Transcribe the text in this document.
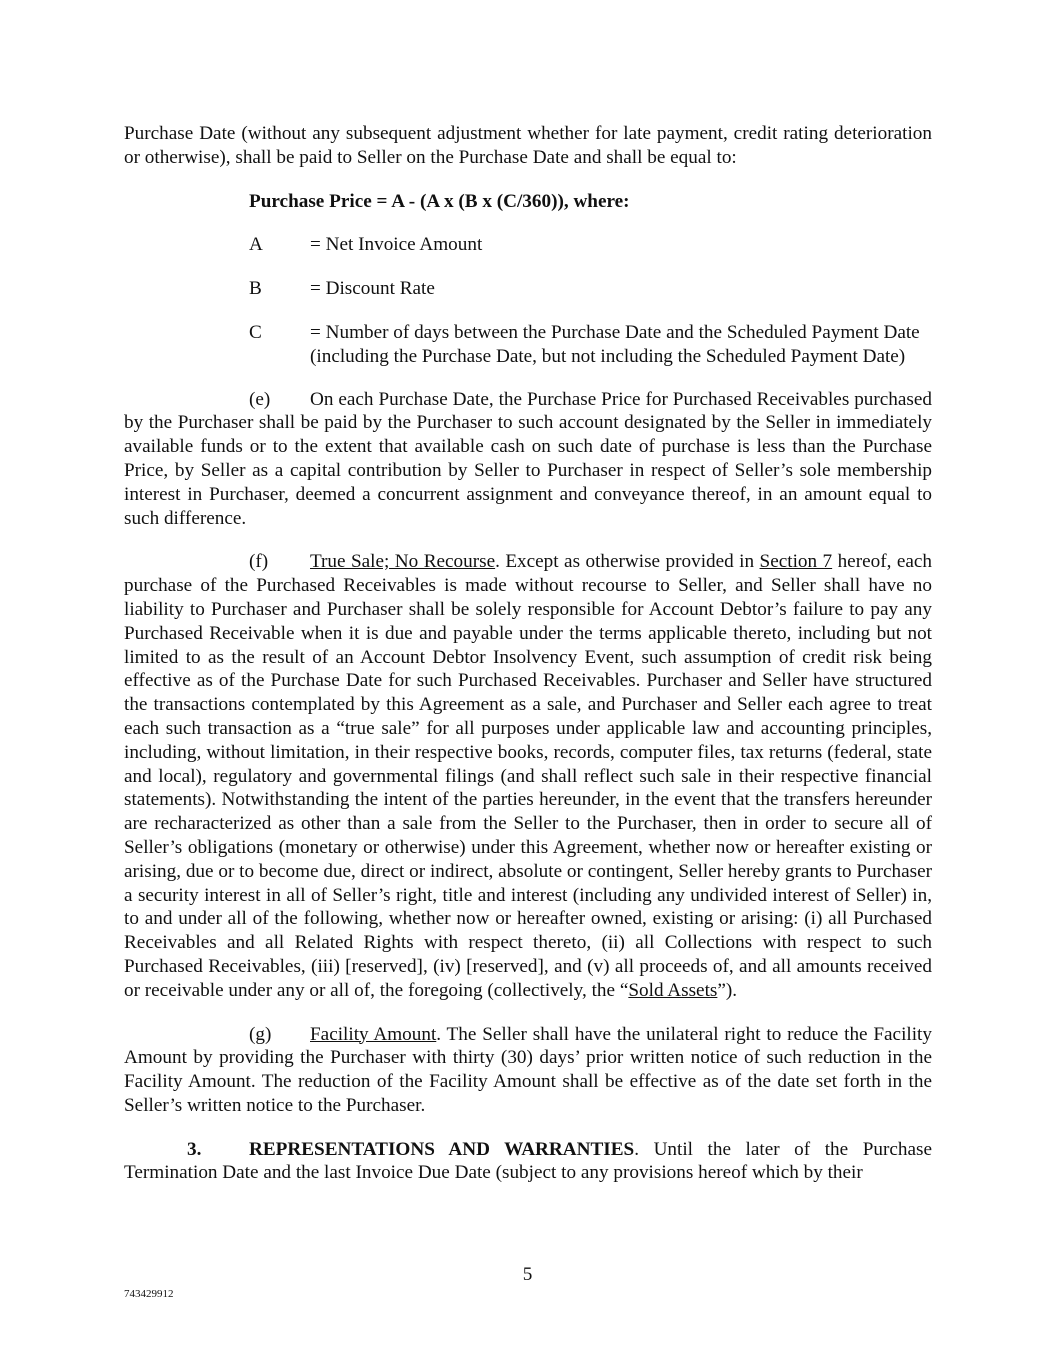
Purchase Date (without any subsequent adjustment whether for late payment, credit rating deterioration or otherwise), shall be paid to Seller on the Purchase Date and shall be equal to:

Purchase Price = A - (A x (B x (C/360)), where:
A = Net Invoice Amount
B	= Discount Rate
C	= Number of days between the Purchase Date and the Scheduled Payment Date (including the Purchase Date, but not including the Scheduled Payment Date)

(e) On each Purchase Date, the Purchase Price for Purchased Receivables purchased by the Purchaser shall be paid by the Purchaser to such account designated by the Seller in immediately available funds or to the extent that available cash on such date of purchase is less than the Purchase Price, by Seller as a capital contribution by Seller to Purchaser in respect of Seller’s sole membership interest in Purchaser, deemed a concurrent assignment and conveyance thereof, in an amount equal to such difference.

(f) True Sale; No Recourse. Except as otherwise provided in Section 7 hereof, each purchase of the Purchased Receivables is made without recourse to Seller, and Seller shall have no liability to Purchaser and Purchaser shall be solely responsible for Account Debtor’s failure to pay any Purchased Receivable when it is due and payable under the terms applicable thereto, including but not limited to as the result of an Account Debtor Insolvency Event, such assumption of credit risk being effective as of the Purchase Date for such Purchased Receivables. Purchaser and Seller have structured the transactions contemplated by this Agreement as a sale, and Purchaser and Seller each agree to treat each such transaction as a “true sale” for all purposes under applicable law and accounting principles, including, without limitation, in their respective books, records, computer files, tax returns (federal, state and local), regulatory and governmental filings (and shall reflect such sale in their respective financial statements). Notwithstanding the intent of the parties hereunder, in the event that the transfers hereunder are recharacterized as other than a sale from the Seller to the Purchaser, then in order to secure all of Seller’s obligations (monetary or otherwise) under this Agreement, whether now or hereafter existing or arising, due or to become due, direct or indirect, absolute or contingent, Seller hereby grants to Purchaser a security interest in all of Seller’s right, title and interest (including any undivided interest of Seller) in, to and under all of the following, whether now or hereafter owned, existing or arising: (i) all Purchased Receivables and all Related Rights with respect thereto, (ii) all Collections with respect to such Purchased Receivables, (iii) [reserved], (iv) [reserved], and (v) all proceeds of, and all amounts received or receivable under any or all of, the foregoing (collectively, the “Sold Assets”).

(g) Facility Amount. The Seller shall have the unilateral right to reduce the Facility Amount by providing the Purchaser with thirty (30) days’ prior written notice of such reduction in the Facility Amount. The reduction of the Facility Amount shall be effective as of the date set forth in the Seller’s written notice to the Purchaser.

3. REPRESENTATIONS AND WARRANTIES. Until the later of the Purchase Termination Date and the last Invoice Due Date (subject to any provisions hereof which by their

5
743429912
